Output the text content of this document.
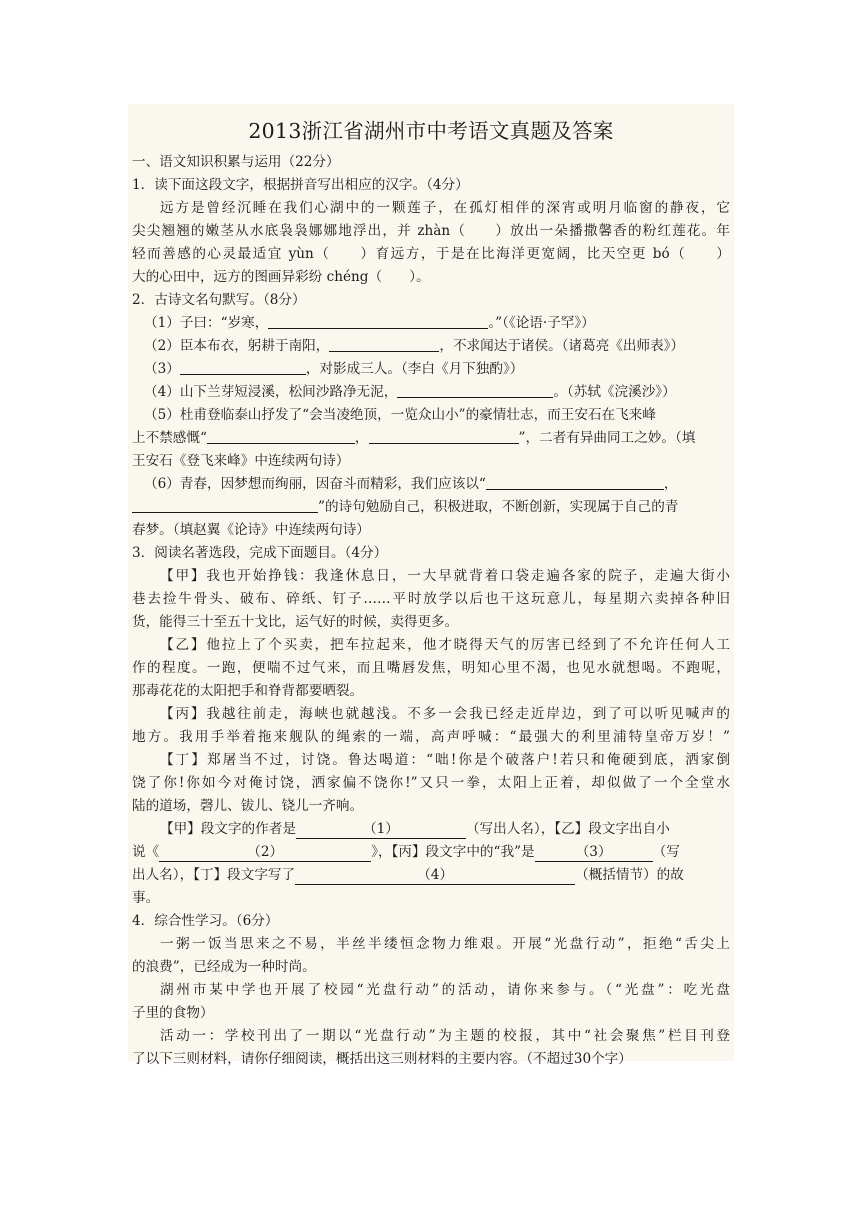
2013浙江省湖州市中考语文真题及答案
一、语文知识积累与运用（22分）
1．读下面这段文字，根据拼音写出相应的汉字。（4分）
远方是曾经沉睡在我们心湖中的一颗莲子，在孤灯相伴的深宵或明月临窗的静夜，它
尖尖翘翘的嫩茎从水底袅袅娜娜地浮出，并 zhàn（　　）放出一朵播撒馨香的粉红莲花。年
轻而善感的心灵最适宜 yùn（　　）育远方，于是在比海洋更宽阔，比天空更 bó（　　）
大的心田中，远方的图画异彩纷 chéng（　　）。
2．古诗文名句默写。（8分）
（1）子曰：“岁寒，	。”（《论语·子罕》）
（2）臣本布衣，躬耕于南阳，	，不求闻达于诸侯。（诸葛亮《出师表》）
（3）	，对影成三人。（李白《月下独酌》）
（4）山下兰芽短浸溪，松间沙路净无泥，	。（苏轼《浣溪沙》）
（5）杜甫登临泰山抒发了“会当凌绝顶，一览众山小”的豪情壮志，而王安石在飞来峰
上不禁感慨“	，	”，二者有异曲同工之妙。（填
王安石《登飞来峰》中连续两句诗）
（6）青春，因梦想而绚丽，因奋斗而精彩，我们应该以“	，
”的诗句勉励自己，积极进取，不断创新，实现属于自己的青
春梦。（填赵翼《论诗》中连续两句诗）
3．阅读名著选段，完成下面题目。（4分）
【甲】我也开始挣钱：我逢休息日，一大早就背着口袋走遍各家的院子，走遍大街小
巷去捡牛骨头、破布、碎纸、钉子……平时放学以后也干这玩意儿，每星期六卖掉各种旧
货，能得三十至五十戈比，运气好的时候，卖得更多。
【乙】他拉上了个买卖，把车拉起来，他才晓得天气的厉害已经到了不允许任何人工
作的程度。一跑，便喘不过气来，而且嘴唇发焦，明知心里不渴，也见水就想喝。不跑呢，
那毒花花的太阳把手和脊背都要晒裂。
【丙】我越往前走，海峡也就越浅。不多一会我已经走近岸边，到了可以听见喊声的
地方。我用手举着拖来舰队的绳索的一端，高声呼喊：“最强大的利里浦特皇帝万岁！”
【丁】郑屠当不过，讨饶。鲁达喝道：“咄!你是个破落户!若只和俺硬到底，洒家倒
饶了你!你如今对俺讨饶，洒家偏不饶你!”又只一拳，太阳上正着，却似做了一个全堂水
陆的道场，磬儿、钹儿、铙儿一齐响。
【甲】段文字的作者是	（1）	（写出人名），【乙】段文字出自小
说《	（2）	》，【丙】段文字中的“我”是	（3）	（写
出人名），【丁】段文字写了	（4）	（概括情节）的故
事。
4．综合性学习。（6分）
一粥一饭当思来之不易，半丝半缕恒念物力维艰。开展“光盘行动”，拒绝“舌尖上
的浪费”，已经成为一种时尚。
湖州市某中学也开展了校园“光盘行动”的活动，请你来参与。（“光盘”：吃光盘
子里的食物）
活动一：学校刊出了一期以“光盘行动”为主题的校报，其中“社会聚焦”栏目刊登
了以下三则材料，请你仔细阅读，概括出这三则材料的主要内容。（不超过30个字）
